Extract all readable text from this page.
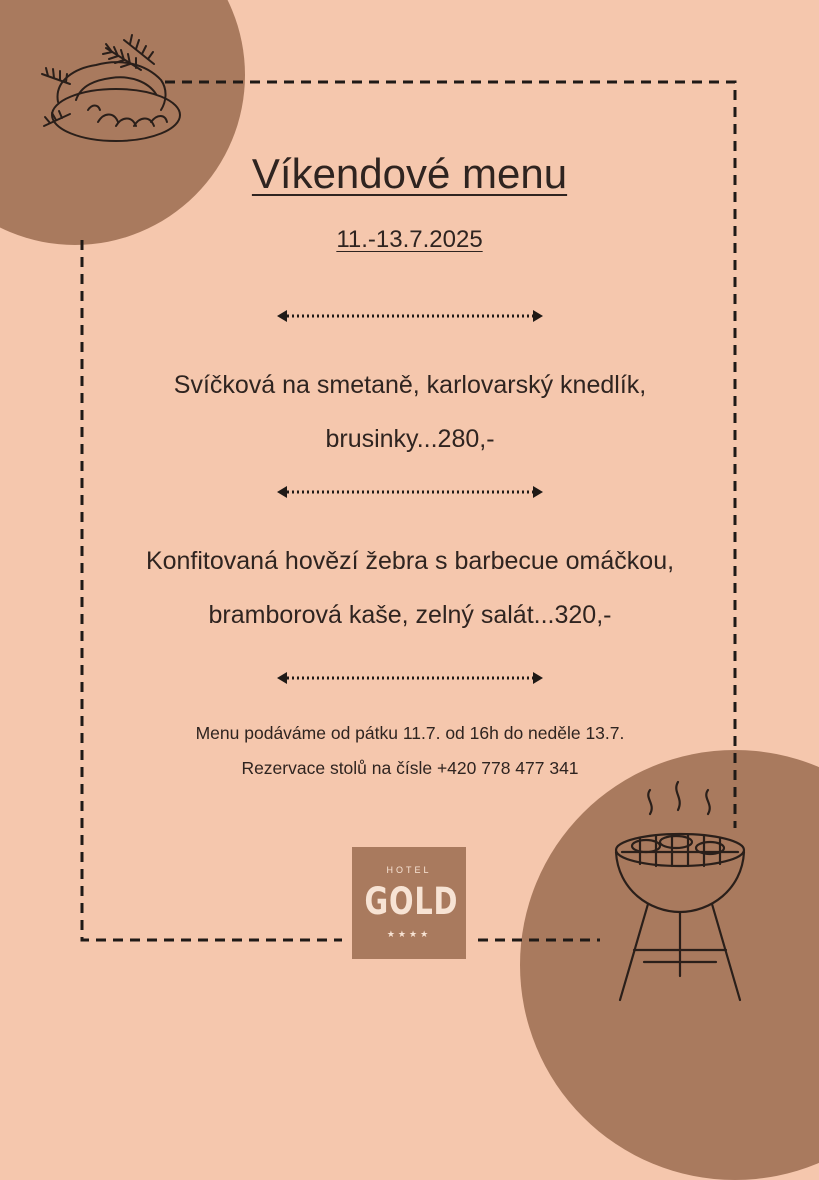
Víkendové menu
11.-13.7.2025
Svíčková na smetaně, karlovarský knedlík,
brusinky...280,-
Konfitovaná hovězí žebra s barbecue omáčkou,
bramborová kaše, zelný salát...320,-
Menu podáváme od pátku 11.7. od 16h do neděle 13.7.
Rezervace stolů na čísle +420 778 477 341
HOTEL
GOLD
★★★★
